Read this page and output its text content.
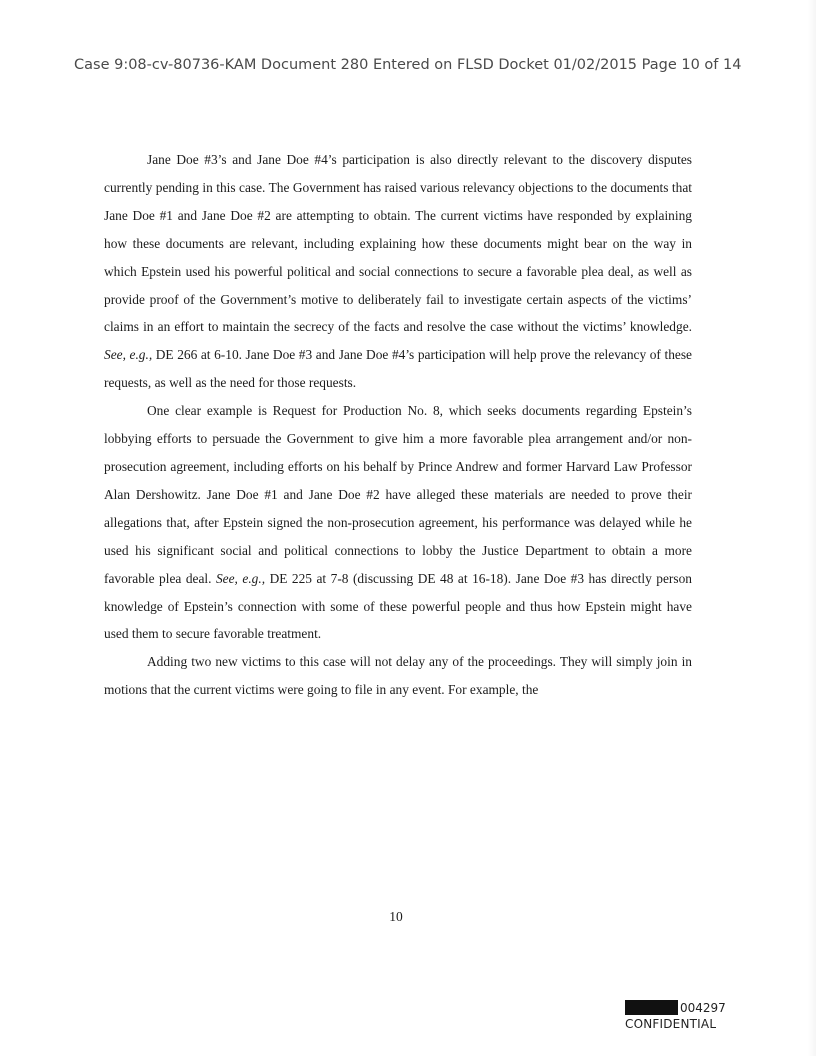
Case 9:08-cv-80736-KAM Document 280 Entered on FLSD Docket 01/02/2015 Page 10 of 14

Jane Doe #3’s and Jane Doe #4’s participation is also directly relevant to the discovery disputes currently pending in this case. The Government has raised various relevancy objections to the documents that Jane Doe #1 and Jane Doe #2 are attempting to obtain. The current victims have responded by explaining how these documents are relevant, including explaining how these documents might bear on the way in which Epstein used his powerful political and social connections to secure a favorable plea deal, as well as provide proof of the Government’s motive to deliberately fail to investigate certain aspects of the victims’ claims in an effort to maintain the secrecy of the facts and resolve the case without the victims’ knowledge. See, e.g., DE 266 at 6-10. Jane Doe #3 and Jane Doe #4’s participation will help prove the relevancy of these requests, as well as the need for those requests.

One clear example is Request for Production No. 8, which seeks documents regarding Epstein’s lobbying efforts to persuade the Government to give him a more favorable plea arrangement and/or non-prosecution agreement, including efforts on his behalf by Prince Andrew and former Harvard Law Professor Alan Dershowitz. Jane Doe #1 and Jane Doe #2 have alleged these materials are needed to prove their allegations that, after Epstein signed the non-prosecution agreement, his performance was delayed while he used his significant social and political connections to lobby the Justice Department to obtain a more favorable plea deal. See, e.g., DE 225 at 7-8 (discussing DE 48 at 16-18). Jane Doe #3 has directly person knowledge of Epstein’s connection with some of these powerful people and thus how Epstein might have used them to secure favorable treatment.

Adding two new victims to this case will not delay any of the proceedings. They will simply join in motions that the current victims were going to file in any event. For example, the

10
004297
CONFIDENTIAL
